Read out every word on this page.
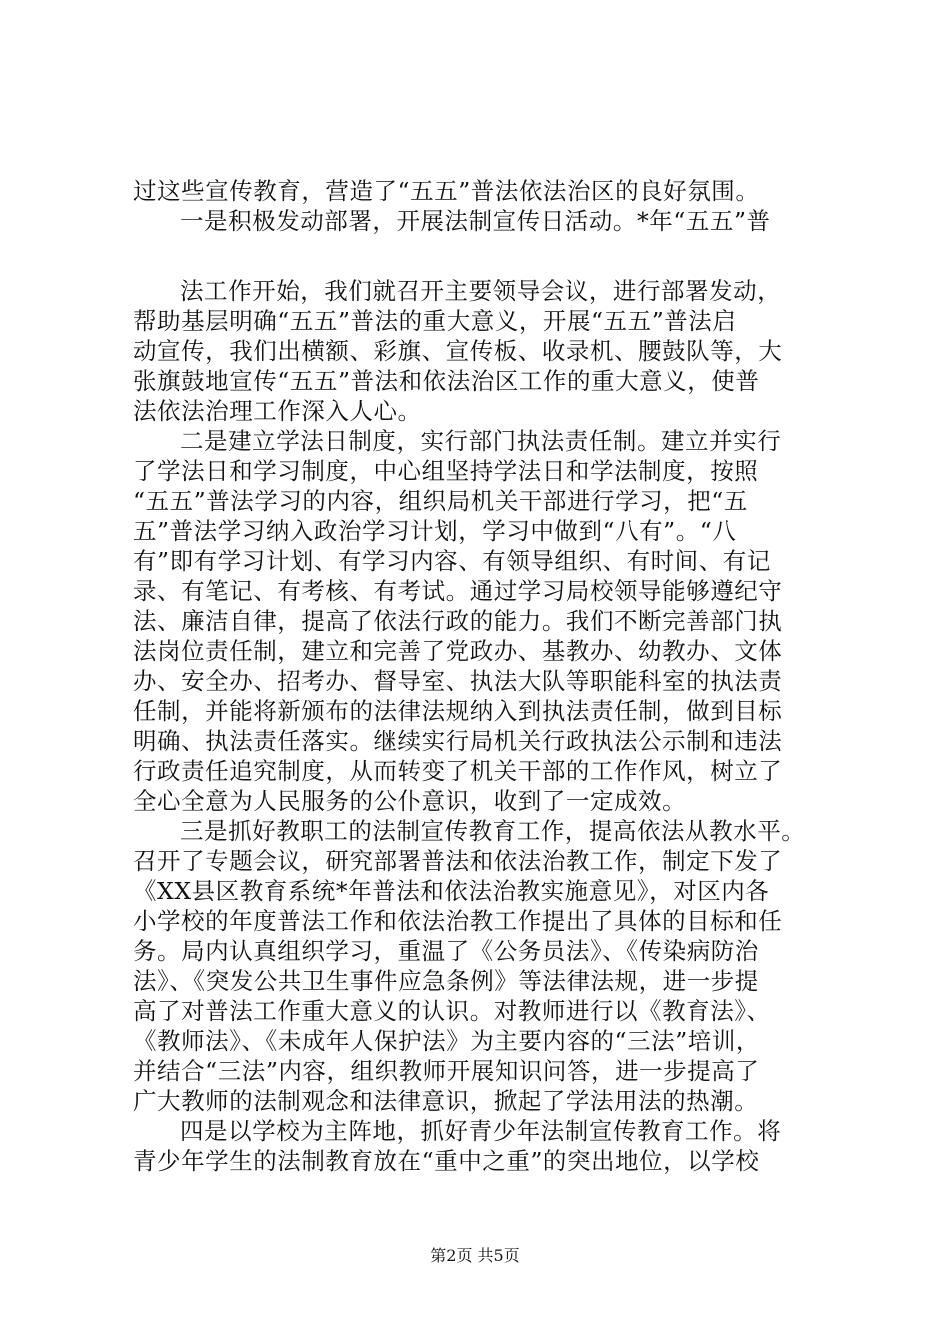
过这些宣传教育，营造了“五五”普法依法治区的良好氛围。
一是积极发动部署，开展法制宣传日活动。*年“五五”普
法工作开始，我们就召开主要领导会议，进行部署发动，
帮助基层明确“五五”普法的重大意义，开展“五五”普法启
动宣传，我们出横额、彩旗、宣传板、收录机、腰鼓队等，大
张旗鼓地宣传“五五”普法和依法治区工作的重大意义，使普
法依法治理工作深入人心。
二是建立学法日制度，实行部门执法责任制。建立并实行
了学法日和学习制度，中心组坚持学法日和学法制度，按照
“五五”普法学习的内容，组织局机关干部进行学习，把“五
五”普法学习纳入政治学习计划，学习中做到“八有”。“八
有”即有学习计划、有学习内容、有领导组织、有时间、有记
录、有笔记、有考核、有考试。通过学习局校领导能够遵纪守
法、廉洁自律，提高了依法行政的能力。我们不断完善部门执
法岗位责任制，建立和完善了党政办、基教办、幼教办、文体
办、安全办、招考办、督导室、执法大队等职能科室的执法责
任制，并能将新颁布的法律法规纳入到执法责任制，做到目标
明确、执法责任落实。继续实行局机关行政执法公示制和违法
行政责任追究制度，从而转变了机关干部的工作作风，树立了
全心全意为人民服务的公仆意识，收到了一定成效。
三是抓好教职工的法制宣传教育工作，提高依法从教水平。
召开了专题会议，研究部署普法和依法治教工作，制定下发了
《XX县区教育系统*年普法和依法治教实施意见》，对区内各
小学校的年度普法工作和依法治教工作提出了具体的目标和任
务。局内认真组织学习，重温了《公务员法》、《传染病防治
法》、《突发公共卫生事件应急条例》等法律法规，进一步提
高了对普法工作重大意义的认识。对教师进行以《教育法》、
《教师法》、《未成年人保护法》为主要内容的“三法”培训，
并结合“三法”内容，组织教师开展知识问答，进一步提高了
广大教师的法制观念和法律意识，掀起了学法用法的热潮。
四是以学校为主阵地，抓好青少年法制宣传教育工作。将
青少年学生的法制教育放在“重中之重”的突出地位，以学校
第2页 共5页
